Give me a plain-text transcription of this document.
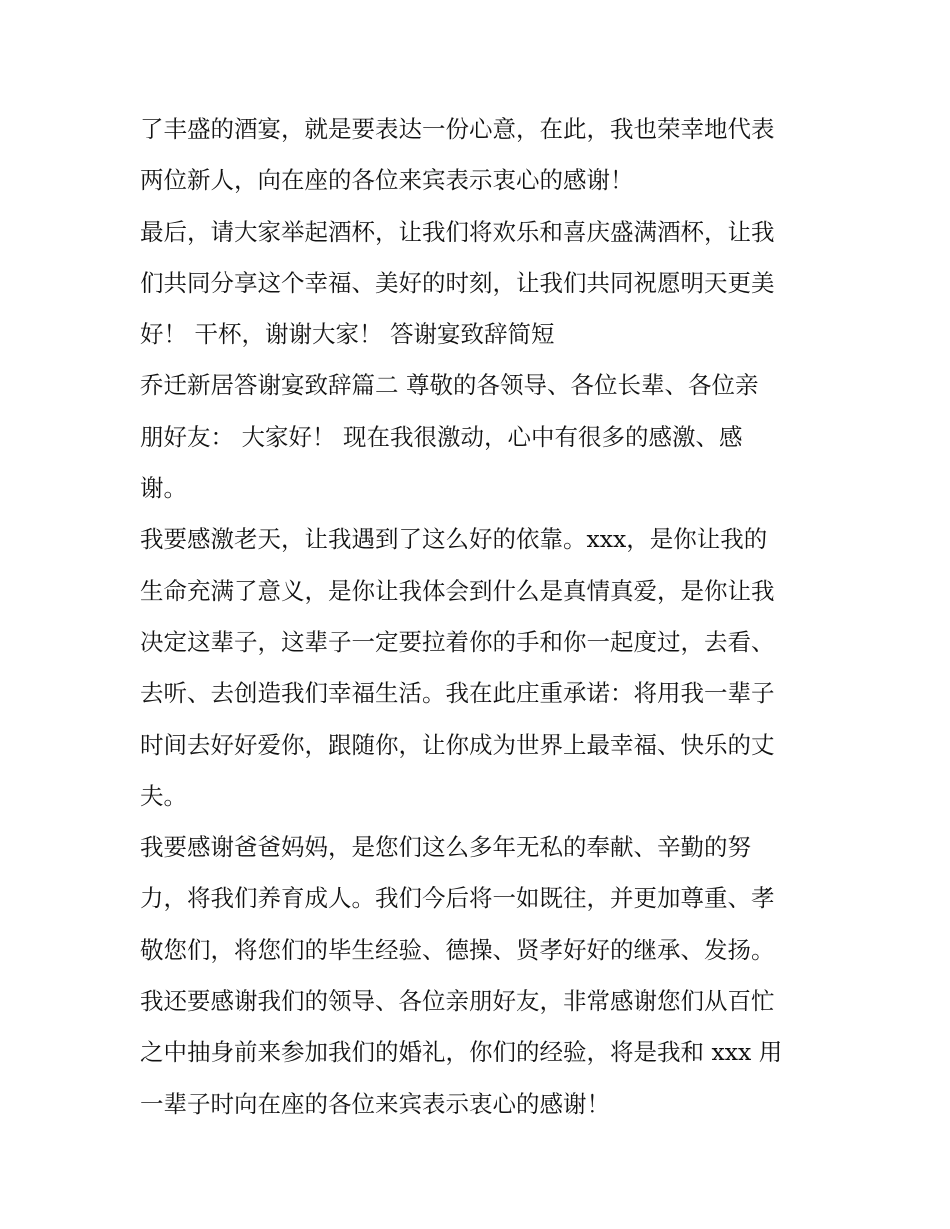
了丰盛的酒宴，就是要表达一份心意，在此，我也荣幸地代表
两位新人，向在座的各位来宾表示衷心的感谢！
最后，请大家举起酒杯，让我们将欢乐和喜庆盛满酒杯，让我
们共同分享这个幸福、美好的时刻，让我们共同祝愿明天更美
好！ 干杯，谢谢大家！ 答谢宴致辞简短
乔迁新居答谢宴致辞篇二 尊敬的各领导、各位长辈、各位亲
朋好友： 大家好！ 现在我很激动，心中有很多的感激、感
谢。
我要感激老天，让我遇到了这么好的依靠。xxx，是你让我的
生命充满了意义，是你让我体会到什么是真情真爱，是你让我
决定这辈子，这辈子一定要拉着你的手和你一起度过，去看、
去听、去创造我们幸福生活。我在此庄重承诺：将用我一辈子
时间去好好爱你，跟随你，让你成为世界上最幸福、快乐的丈
夫。
我要感谢爸爸妈妈，是您们这么多年无私的奉献、辛勤的努
力，将我们养育成人。我们今后将一如既往，并更加尊重、孝
敬您们，将您们的毕生经验、德操、贤孝好好的继承、发扬。
我还要感谢我们的领导、各位亲朋好友，非常感谢您们从百忙
之中抽身前来参加我们的婚礼，你们的经验，将是我和 xxx 用
一辈子时向在座的各位来宾表示衷心的感谢！
